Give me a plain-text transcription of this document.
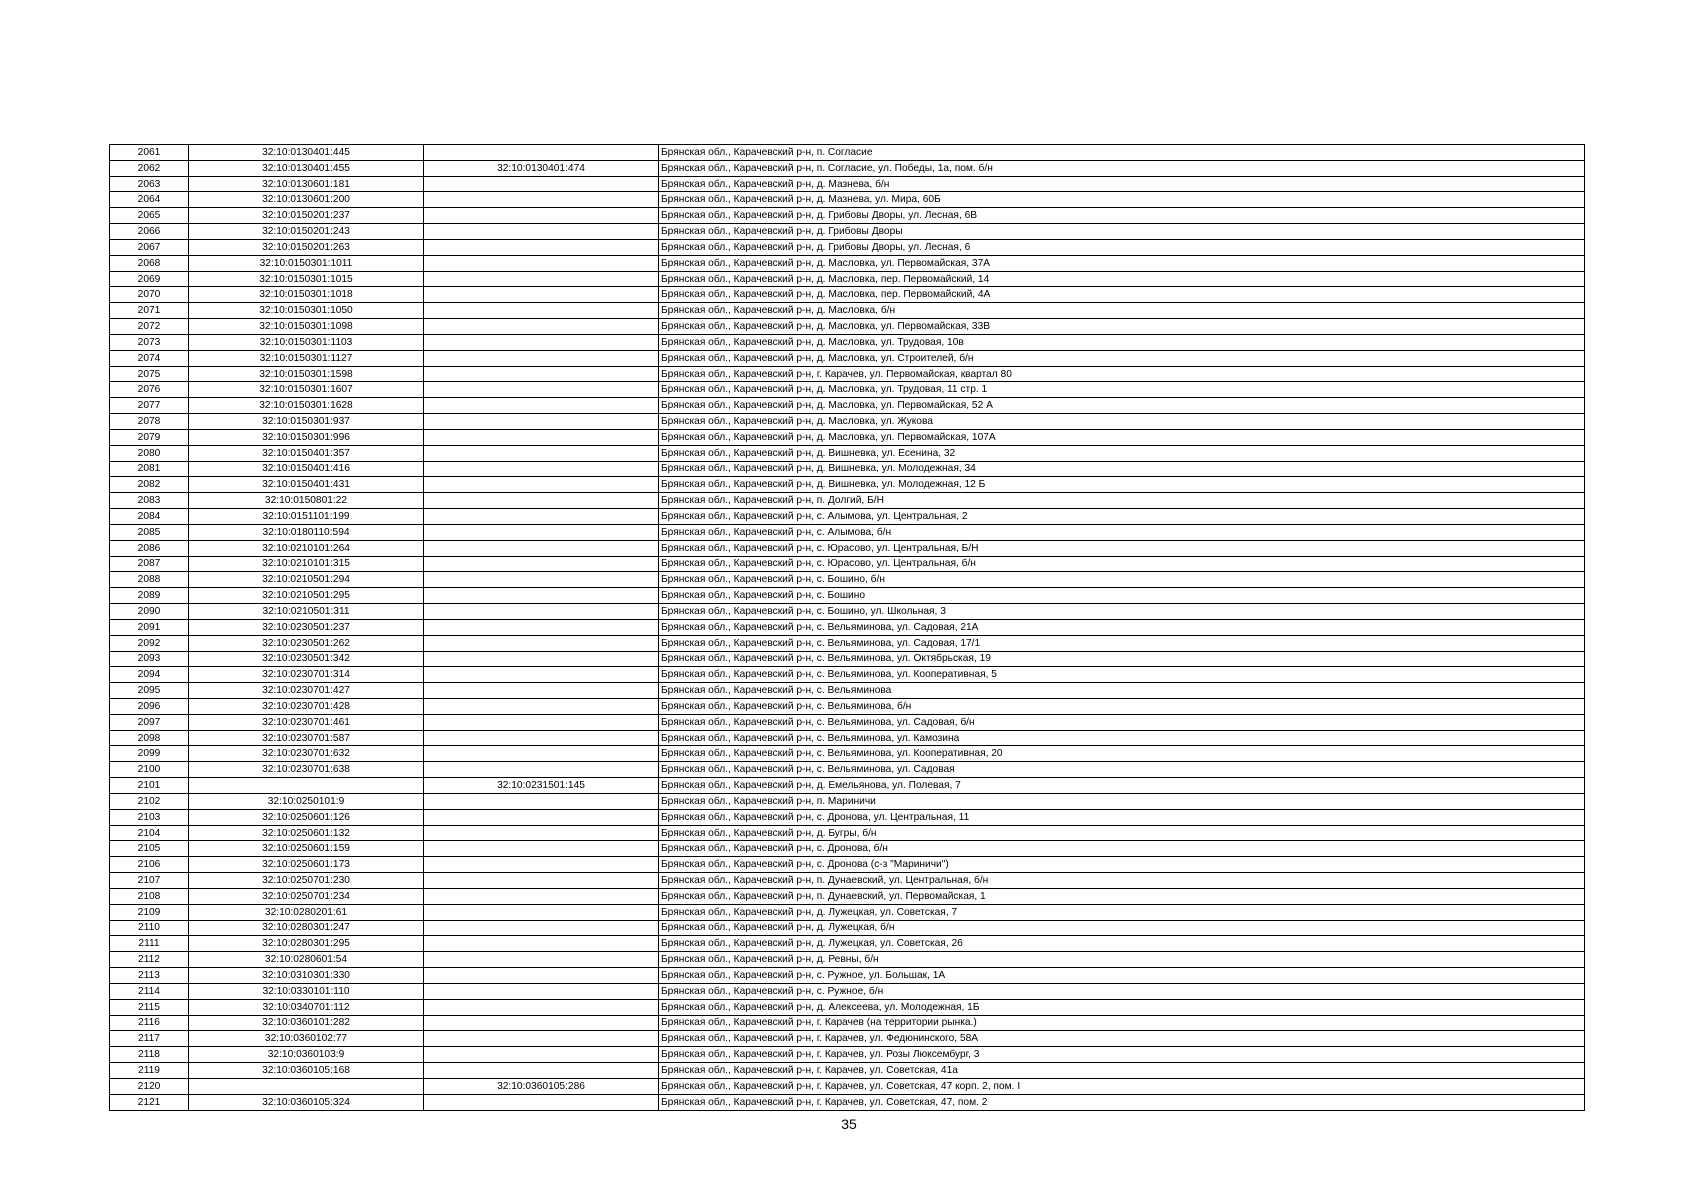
2061	32:10:0130401:445		Брянская обл., Карачевский р-н, п. Согласие
2062	32:10:0130401:455	32:10:0130401:474	Брянская обл., Карачевский р-н, п. Согласие, ул. Победы, 1а, пом. б/н
2063	32:10:0130601:181		Брянская обл., Карачевский р-н, д. Мазнева, б/н
2064	32:10:0130601:200		Брянская обл., Карачевский р-н, д. Мазнева, ул. Мира, 60Б
2065	32:10:0150201:237		Брянская обл., Карачевский р-н, д. Грибовы Дворы, ул. Лесная, 6В
2066	32:10:0150201:243		Брянская обл., Карачевский р-н, д. Грибовы Дворы
2067	32:10:0150201:263		Брянская обл., Карачевский р-н, д. Грибовы Дворы, ул. Лесная, 6
2068	32:10:0150301:1011		Брянская обл., Карачевский р-н, д. Масловка, ул. Первомайская, 37А
2069	32:10:0150301:1015		Брянская обл., Карачевский р-н, д. Масловка, пер. Первомайский, 14
2070	32:10:0150301:1018		Брянская обл., Карачевский р-н, д. Масловка, пер. Первомайский, 4А
2071	32:10:0150301:1050		Брянская обл., Карачевский р-н, д. Масловка, б/н
2072	32:10:0150301:1098		Брянская обл., Карачевский р-н, д. Масловка, ул. Первомайская, 33В
2073	32:10:0150301:1103		Брянская обл., Карачевский р-н, д. Масловка, ул. Трудовая, 10в
2074	32:10:0150301:1127		Брянская обл., Карачевский р-н, д. Масловка, ул. Строителей, б/н
2075	32:10:0150301:1598		Брянская обл., Карачевский р-н, г. Карачев, ул. Первомайская, квартал 80
2076	32:10:0150301:1607		Брянская обл., Карачевский р-н, д. Масловка, ул. Трудовая, 11 стр. 1
2077	32:10:0150301:1628		Брянская обл., Карачевский р-н, д. Масловка, ул. Первомайская, 52 А
2078	32:10:0150301:937		Брянская обл., Карачевский р-н, д. Масловка, ул. Жукова
2079	32:10:0150301:996		Брянская обл., Карачевский р-н, д. Масловка, ул. Первомайская, 107А
2080	32:10:0150401:357		Брянская обл., Карачевский р-н, д. Вишневка, ул. Есенина, 32
2081	32:10:0150401:416		Брянская обл., Карачевский р-н, д. Вишневка, ул. Молодежная, 34
2082	32:10:0150401:431		Брянская обл., Карачевский р-н, д. Вишневка, ул. Молодежная, 12 Б
2083	32:10:0150801:22		Брянская обл., Карачевский р-н, п. Долгий, Б/Н
2084	32:10:0151101:199		Брянская обл., Карачевский р-н, с. Алымова, ул. Центральная, 2
2085	32:10:0180110:594		Брянская обл., Карачевский р-н, с. Алымова, б/н
2086	32:10:0210101:264		Брянская обл., Карачевский р-н, с. Юрасово, ул. Центральная, Б/Н
2087	32:10:0210101:315		Брянская обл., Карачевский р-н, с. Юрасово, ул. Центральная, б/н
2088	32:10:0210501:294		Брянская обл., Карачевский р-н, с. Бошино, б/н
2089	32:10:0210501:295		Брянская обл., Карачевский р-н, с. Бошино
2090	32:10:0210501:311		Брянская обл., Карачевский р-н, с. Бошино, ул. Школьная, 3
2091	32:10:0230501:237		Брянская обл., Карачевский р-н, с. Вельяминова, ул. Садовая, 21А
2092	32:10:0230501:262		Брянская обл., Карачевский р-н, с. Вельяминова, ул. Садовая, 17/1
2093	32:10:0230501:342		Брянская обл., Карачевский р-н, с. Вельяминова, ул. Октябрьская, 19
2094	32:10:0230701:314		Брянская обл., Карачевский р-н, с. Вельяминова, ул. Кооперативная, 5
2095	32:10:0230701:427		Брянская обл., Карачевский р-н, с. Вельяминова
2096	32:10:0230701:428		Брянская обл., Карачевский р-н, с. Вельяминова, б/н
2097	32:10:0230701:461		Брянская обл., Карачевский р-н, с. Вельяминова, ул. Садовая, б/н
2098	32:10:0230701:587		Брянская обл., Карачевский р-н, с. Вельяминова, ул. Камозина
2099	32:10:0230701:632		Брянская обл., Карачевский р-н, с. Вельяминова, ул. Кооперативная, 20
2100	32:10:0230701:638		Брянская обл., Карачевский р-н, с. Вельяминова, ул. Садовая
2101		32:10:0231501:145	Брянская обл., Карачевский р-н, д. Емельянова, ул. Полевая, 7
2102	32:10:0250101:9		Брянская обл., Карачевский р-н, п. Мариничи
2103	32:10:0250601:126		Брянская обл., Карачевский р-н, с. Дронова, ул. Центральная, 11
2104	32:10:0250601:132		Брянская обл., Карачевский р-н, д. Бугры, б/н
2105	32:10:0250601:159		Брянская обл., Карачевский р-н, с. Дронова, б/н
2106	32:10:0250601:173		Брянская обл., Карачевский р-н, с. Дронова (с-з "Мариничи")
2107	32:10:0250701:230		Брянская обл., Карачевский р-н, п. Дунаевский, ул. Центральная, б/н
2108	32:10:0250701:234		Брянская обл., Карачевский р-н, п. Дунаевский, ул. Первомайская, 1
2109	32:10:0280201:61		Брянская обл., Карачевский р-н, д. Лужецкая, ул. Советская, 7
2110	32:10:0280301:247		Брянская обл., Карачевский р-н, д. Лужецкая, б/н
2111	32:10:0280301:295		Брянская обл., Карачевский р-н, д. Лужецкая, ул. Советская, 26
2112	32:10:0280601:54		Брянская обл., Карачевский р-н, д. Ревны, б/н
2113	32:10:0310301:330		Брянская обл., Карачевский р-н, с. Ружное, ул. Большак, 1А
2114	32:10:0330101:110		Брянская обл., Карачевский р-н, с. Ружное, б/н
2115	32:10:0340701:112		Брянская обл., Карачевский р-н, д. Алексеева, ул. Молодежная, 1Б
2116	32:10:0360101:282		Брянская обл., Карачевский р-н, г. Карачев (на территории рынка.)
2117	32:10:0360102:77		Брянская обл., Карачевский р-н, г. Карачев, ул. Федюнинского, 58А
2118	32:10:0360103:9		Брянская обл., Карачевский р-н, г. Карачев, ул. Розы Люксембург, 3
2119	32:10:0360105:168		Брянская обл., Карачевский р-н, г. Карачев, ул. Советская, 41а
2120		32:10:0360105:286	Брянская обл., Карачевский р-н, г. Карачев, ул. Советская, 47 корп. 2, пом. I
2121	32:10:0360105:324		Брянская обл., Карачевский р-н, г. Карачев, ул. Советская, 47, пом. 2
35
